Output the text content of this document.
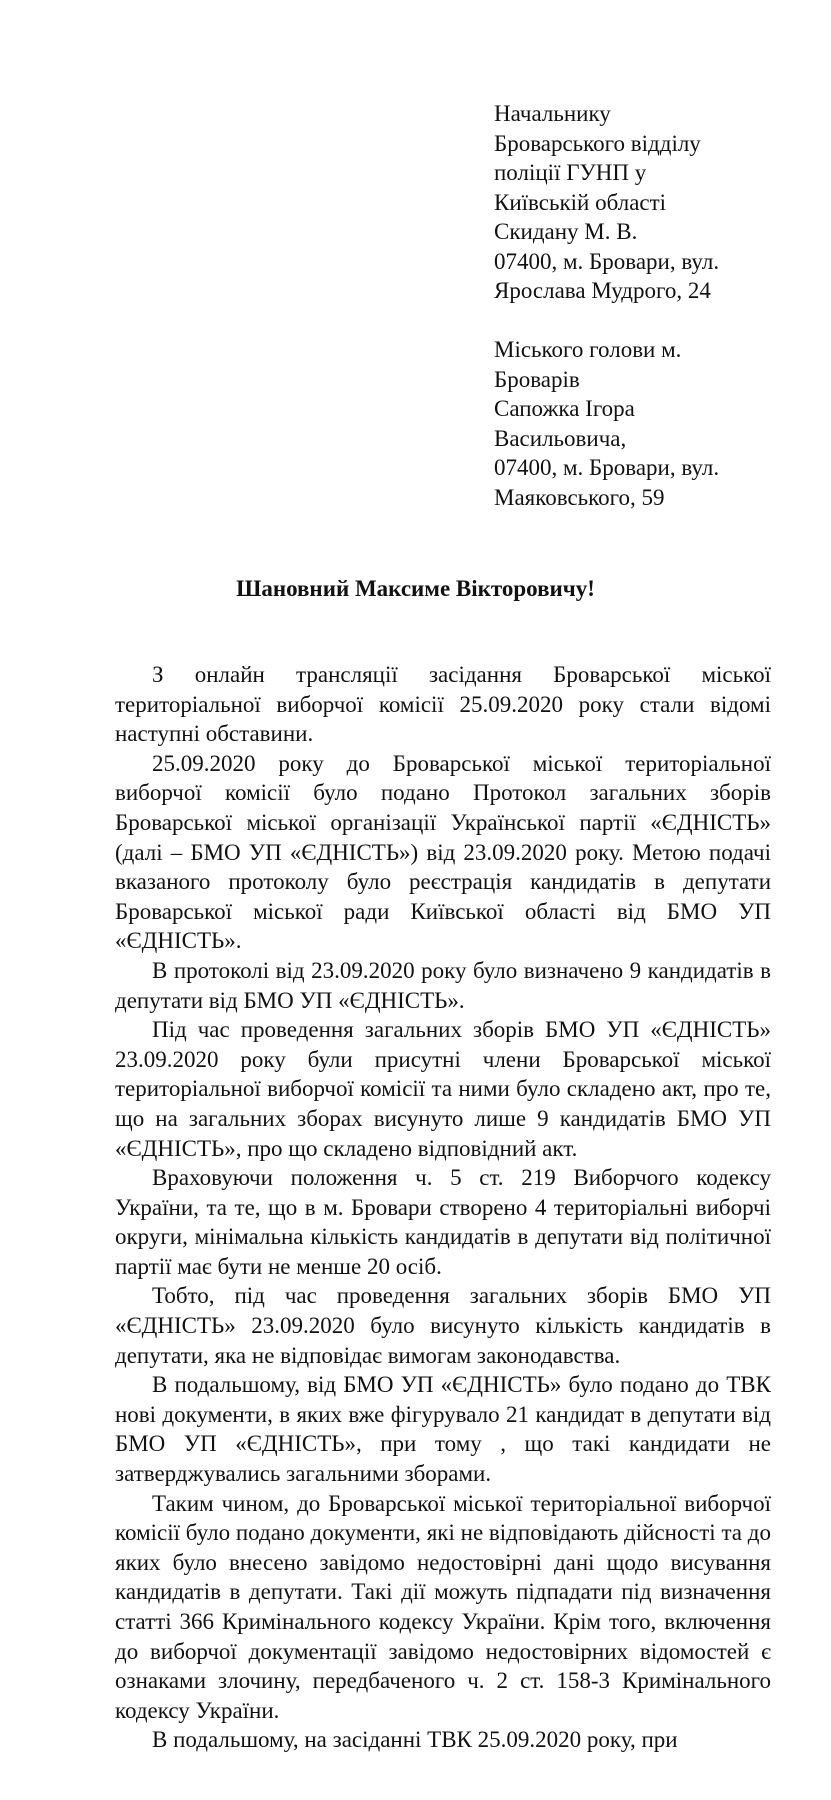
Начальнику
Броварського відділу
поліції ГУНП у
Київській області
Скидану М. В.
07400, м. Бровари, вул.
Ярослава Мудрого, 24
Міського голови м.
Броварів
Сапожка Ігора
Васильовича,
07400, м. Бровари, вул.
Маяковського, 59
Шановний Максиме Вікторовичу!

З онлайн трансляції засідання Броварської міської територіальної виборчої комісії 25.09.2020 року стали відомі наступні обставини.

25.09.2020 року до Броварської міської територіальної виборчої комісії було подано Протокол загальних зборів Броварської міської організації Української партії «ЄДНІСТЬ» (далі – БМО УП «ЄДНІСТЬ») від 23.09.2020 року. Метою подачі вказаного протоколу було реєстрація кандидатів в депутати Броварської міської ради Київської області від БМО УП «ЄДНІСТЬ».

В протоколі від 23.09.2020 року було визначено 9 кандидатів в депутати від БМО УП «ЄДНІСТЬ».

Під час проведення загальних зборів БМО УП «ЄДНІСТЬ» 23.09.2020 року були присутні члени Броварської міської територіальної виборчої комісії та ними було складено акт, про те, що на загальних зборах висунуто лише 9 кандидатів БМО УП «ЄДНІСТЬ», про що складено відповідний акт.

Враховуючи положення ч. 5 ст. 219 Виборчого кодексу України, та те, що в м. Бровари створено 4 територіальні виборчі округи, мінімальна кількість кандидатів в депутати від політичної партії має бути не менше 20 осіб.

Тобто, під час проведення загальних зборів БМО УП «ЄДНІСТЬ» 23.09.2020 було висунуто кількість кандидатів в депутати, яка не відповідає вимогам законодавства.

В подальшому, від БМО УП «ЄДНІСТЬ» було подано до ТВК нові документи, в яких вже фігурувало 21 кандидат в депутати від БМО УП «ЄДНІСТЬ», при тому , що такі кандидати не затверджувались загальними зборами.

Таким чином, до Броварської міської територіальної виборчої комісії було подано документи, які не відповідають дійсності та до яких було внесено завідомо недостовірні дані щодо висування кандидатів в депутати. Такі дії можуть підпадати під визначення статті 366 Кримінального кодексу України. Крім того, включення до виборчої документації завідомо недостовірних відомостей є ознаками злочину, передбаченого ч. 2 ст. 158-3 Кримінального кодексу України.

В подальшому, на засіданні ТВК 25.09.2020 року, при
